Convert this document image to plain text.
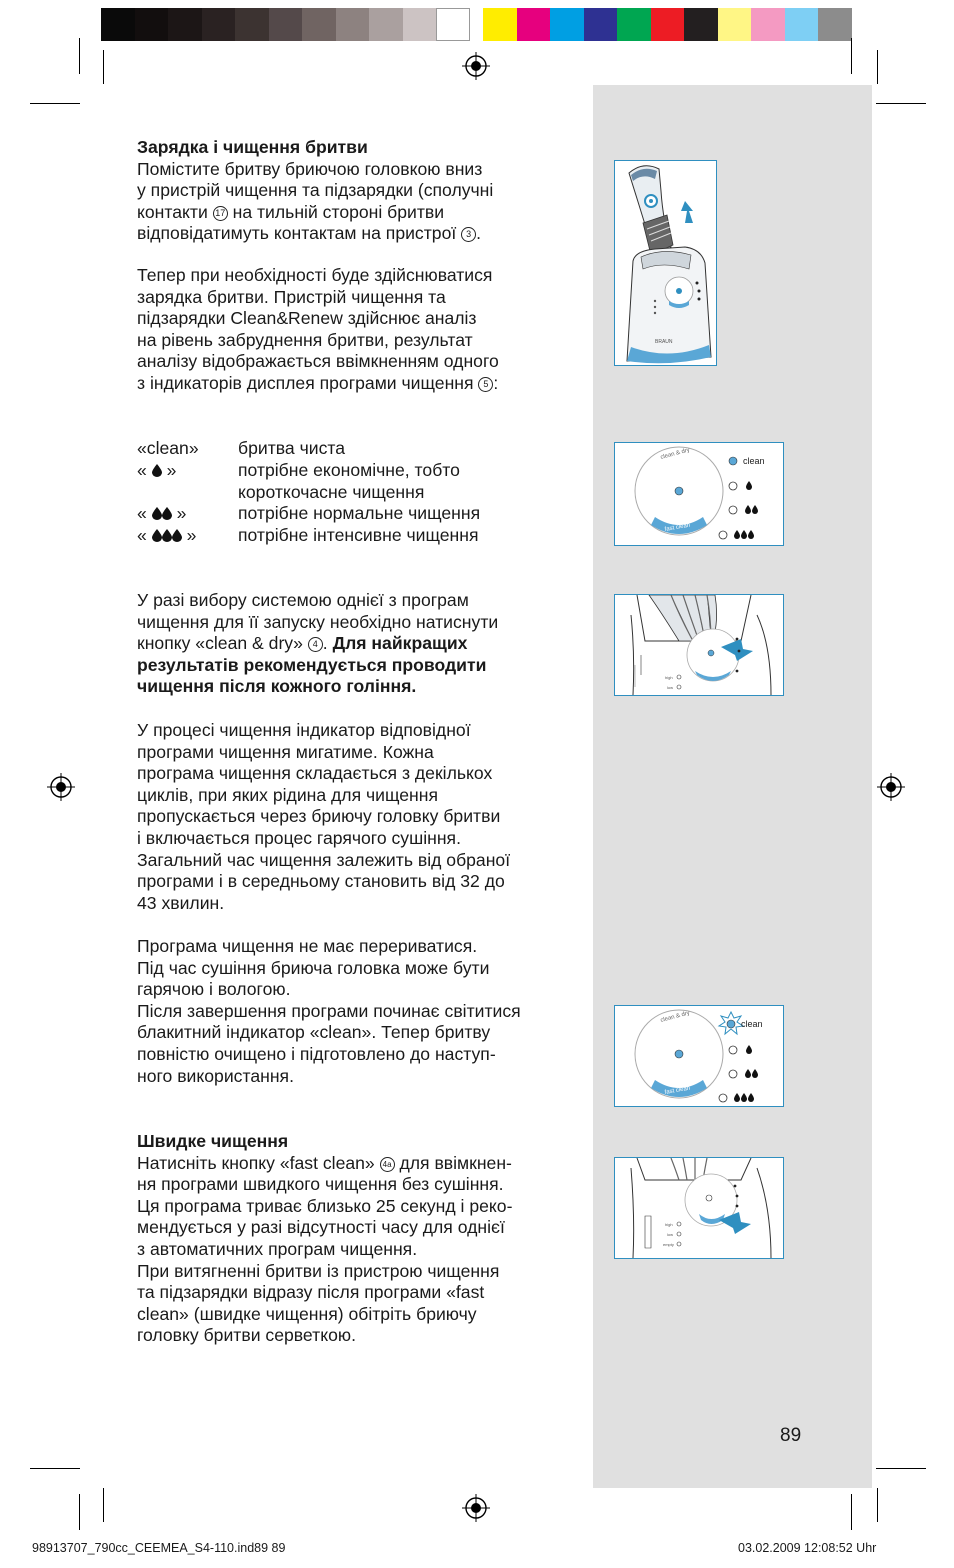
Зарядка і чищення бритви

Помістите бритву бриючою головкою вниз

у пристрій чищення та підзарядки (сполучні

контакти 17 на тильній стороні бритви

відповідатимуть контактам на пристрої 3 .

Тепер при необхідності буде здійснюватися

зарядка бритви. Пристрій чищення та

підзарядки Clean&Renew здійснює аналіз

на рівень забруднення бритви, результат

аналізу відображається ввімкненням одного

з індикаторів дисплея програми чищення 5 :

«clean» бритва чиста
« »	потрібне економічне, тобто
короткочасне чищення
« »	потрібне нормальне чищення
« » потрібне інтенсивне чищення

У разі вибору системою однієї з програм

чищення для її запуску необхідно натиснути

кнопку «clean & dry» 4 . Для найкращих

результатів рекомендується проводити

чищення після кожного гоління.

У процесі чищення індикатор відповідної

програми чищення мигатиме. Кожна

програма чищення складається з декількох

циклів, при яких рідина для чищення

пропускається через бриючу головку бритви

і включається процес гарячого сушіння.

Загальний час чищення залежить від обраної

програми і в середньому становить від 32 до

43 хвилин.

Програма чищення не має перериватися.

Під час сушіння бриюча головка може бути

гарячою і вологою.

Після завершення програми починає світитися

блакитний індикатор «clean». Тепер бритву

повністю очищено і підготовлено до наступ-

ного використання.

Швидке чищення

Натисніть кнопку «fast clean» 4a для ввімкнен-

ня програми швидкого чищення без сушіння.

Ця програма триває близько 25 секунд і реко-

мендується у разі відсутності часу для однієї

з автоматичних програм чищення.

При витягненні бритви із пристрою чищення

та підзарядки відразу після програми «fast

clean» (швидке чищення) обітріть бриючу

головку бритви серветкою.

BRAUN
clean & dry
fast clean
clean
high
low
clean & dry
fast clean
clean
high
low
empty
89
98913707_790cc_CEEMEA_S4-110.ind89 89	03.02.2009 12:08:52 Uhr
